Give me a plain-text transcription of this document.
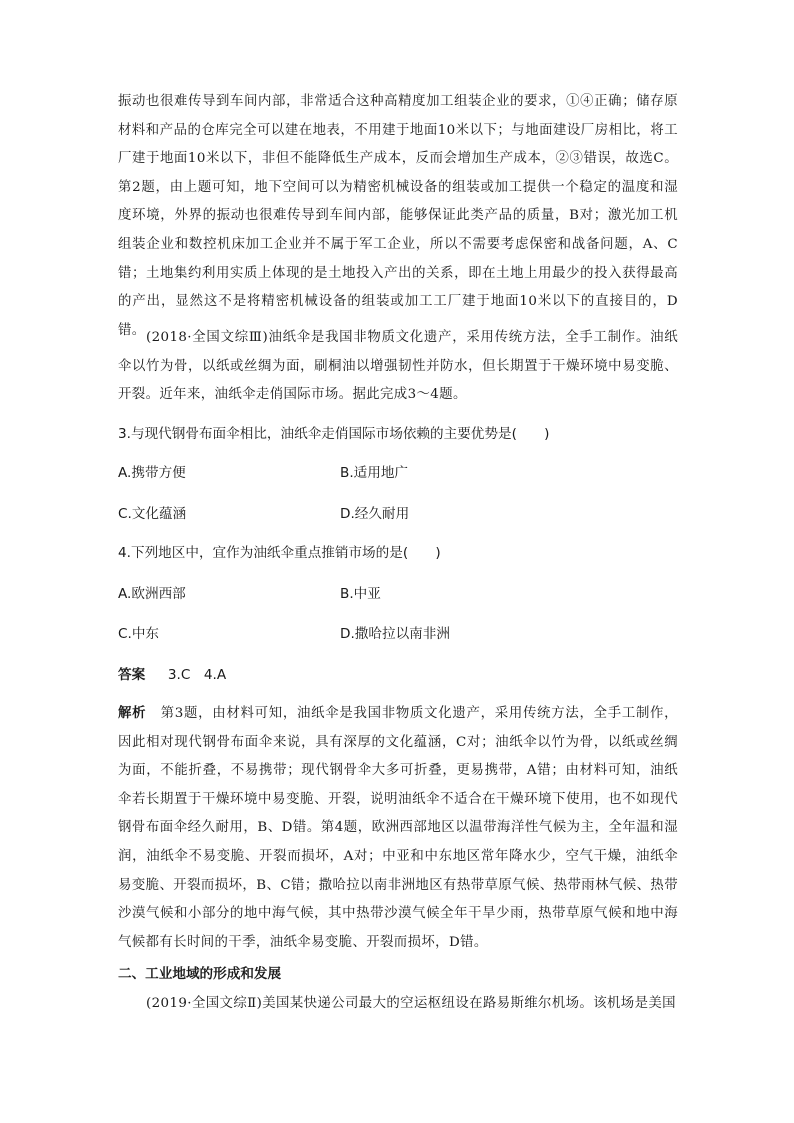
振动也很难传导到车间内部，非常适合这种高精度加工组装企业的要求，①④正确；储存原材料和产品的仓库完全可以建在地表，不用建于地面10米以下；与地面建设厂房相比，将工厂建于地面10米以下，非但不能降低生产成本，反而会增加生产成本，②③错误，故选C。第2题，由上题可知，地下空间可以为精密机械设备的组装或加工提供一个稳定的温度和湿度环境，外界的振动也很难传导到车间内部，能够保证此类产品的质量，B对；激光加工机组装企业和数控机床加工企业并不属于军工企业，所以不需要考虑保密和战备问题，A、C错；土地集约利用实质上体现的是土地投入产出的关系，即在土地上用最少的投入获得最高的产出，显然这不是将精密机械设备的组装或加工工厂建于地面10米以下的直接目的，D错。 (2018·全国文综Ⅲ)油纸伞是我国非物质文化遗产，采用传统方法，全手工制作。油纸伞以竹为骨，以纸或丝绸为面，刷桐油以增强韧性并防水，但长期置于干燥环境中易变脆、开裂。近年来，油纸伞走俏国际市场。据此完成3～4题。

3.与现代钢骨布面伞相比，油纸伞走俏国际市场依赖的主要优势是(　　)

A.携带方便	B.适用地广
C.文化蕴涵	D.经久耐用

4.下列地区中，宜作为油纸伞重点推销市场的是(　　)

A.欧洲西部	B.中亚
C.中东	D.撒哈拉以南非洲
答案 3.C　4.A

解析 第3题，由材料可知，油纸伞是我国非物质文化遗产，采用传统方法，全手工制作，因此相对现代钢骨布面伞来说，具有深厚的文化蕴涵，C对；油纸伞以竹为骨，以纸或丝绸为面，不能折叠，不易携带；现代钢骨伞大多可折叠，更易携带，A错；由材料可知，油纸伞若长期置于干燥环境中易变脆、开裂，说明油纸伞不适合在干燥环境下使用，也不如现代钢骨布面伞经久耐用，B、D错。第4题，欧洲西部地区以温带海洋性气候为主，全年温和湿润，油纸伞不易变脆、开裂而损坏，A对；中亚和中东地区常年降水少，空气干燥，油纸伞易变脆、开裂而损坏，B、C错；撒哈拉以南非洲地区有热带草原气候、热带雨林气候、热带沙漠气候和小部分的地中海气候，其中热带沙漠气候全年干旱少雨，热带草原气候和地中海气候都有长时间的干季，油纸伞易变脆、开裂而损坏，D错。

二、工业地域的形成和发展

(2019·全国文综Ⅱ)美国某快递公司最大的空运枢纽设在路易斯维尔机场。该机场是美国
